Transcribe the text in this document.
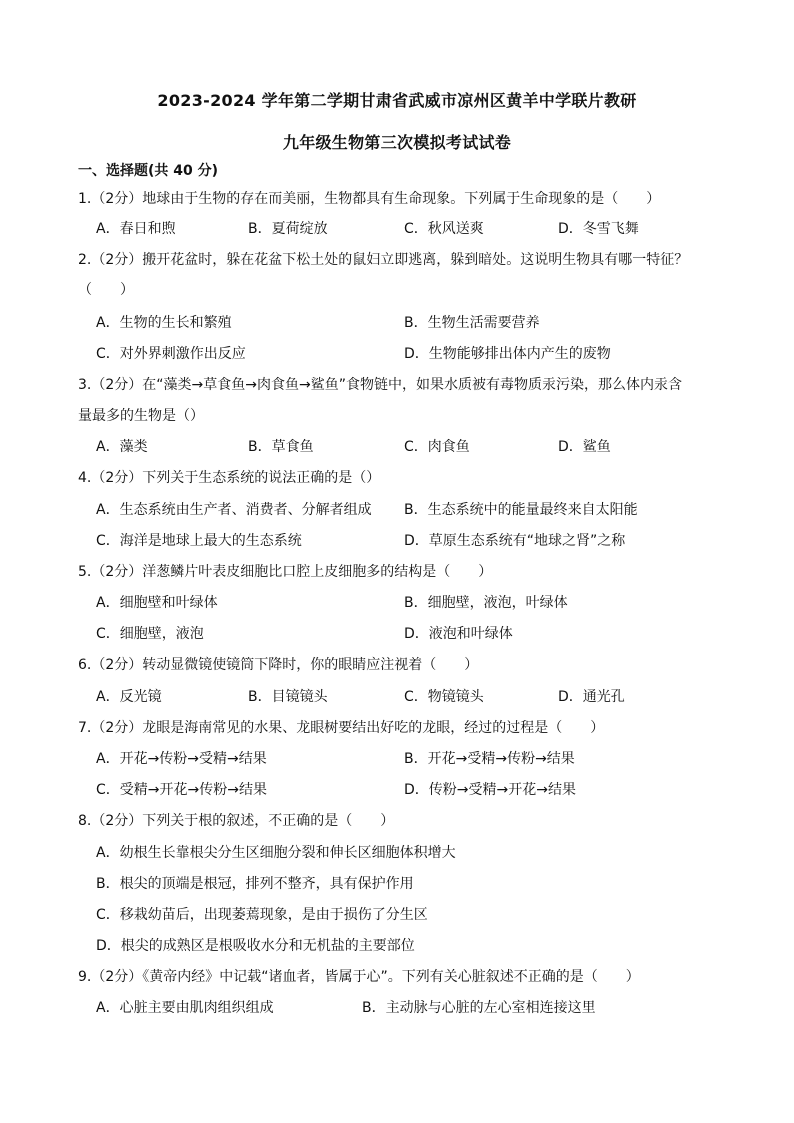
2023-2024 学年第二学期甘肃省武威市凉州区黄羊中学联片教研
九年级生物第三次模拟考试试卷
一、选择题(共 40 分)
1.（2分）地球由于生物的存在而美丽，生物都具有生命现象。下列属于生命现象的是（　　）
A．春日和煦	B．夏荷绽放	C．秋风送爽	D．冬雪飞舞
2.（2分）搬开花盆时，躲在花盆下松土处的鼠妇立即逃离，躲到暗处。这说明生物具有哪一特征？
（　　）
A．生物的生长和繁殖	B．生物生活需要营养
C．对外界刺激作出反应	D．生物能够排出体内产生的废物
3.（2分）在“藻类→草食鱼→肉食鱼→鲨鱼”食物链中，如果水质被有毒物质汞污染，那么体内汞含
量最多的生物是（）
A．藻类	B．草食鱼	C．肉食鱼	D．鲨鱼
4.（2分）下列关于生态系统的说法正确的是（）
A．生态系统由生产者、消费者、分解者组成 B．生态系统中的能量最终来自太阳能
C．海洋是地球上最大的生态系统	D．草原生态系统有“地球之肾”之称
5.（2分）洋葱鳞片叶表皮细胞比口腔上皮细胞多的结构是（　　）
A．细胞壁和叶绿体	B．细胞壁，液泡，叶绿体
C．细胞壁，液泡	D．液泡和叶绿体
6.（2分）转动显微镜使镜筒下降时，你的眼睛应注视着（　　）
A．反光镜	B．目镜镜头	C．物镜镜头	D．通光孔
7.（2分）龙眼是海南常见的水果、龙眼树要结出好吃的龙眼，经过的过程是（　　）
A．开花→传粉→受精→结果	B．开花→受精→传粉→结果
C．受精→开花→传粉→结果	D．传粉→受精→开花→结果
8.（2分）下列关于根的叙述，不正确的是（　　）
A．幼根生长靠根尖分生区细胞分裂和伸长区细胞体积增大
B．根尖的顶端是根冠，排列不整齐，具有保护作用
C．移栽幼苗后，出现萎蔫现象，是由于损伤了分生区
D．根尖的成熟区是根吸收水分和无机盐的主要部位
9.（2分）《黄帝内经》中记载“诸血者，皆属于心”。下列有关心脏叙述不正确的是（　　）
A．心脏主要由肌肉组织组成	B．主动脉与心脏的左心室相连接这里
